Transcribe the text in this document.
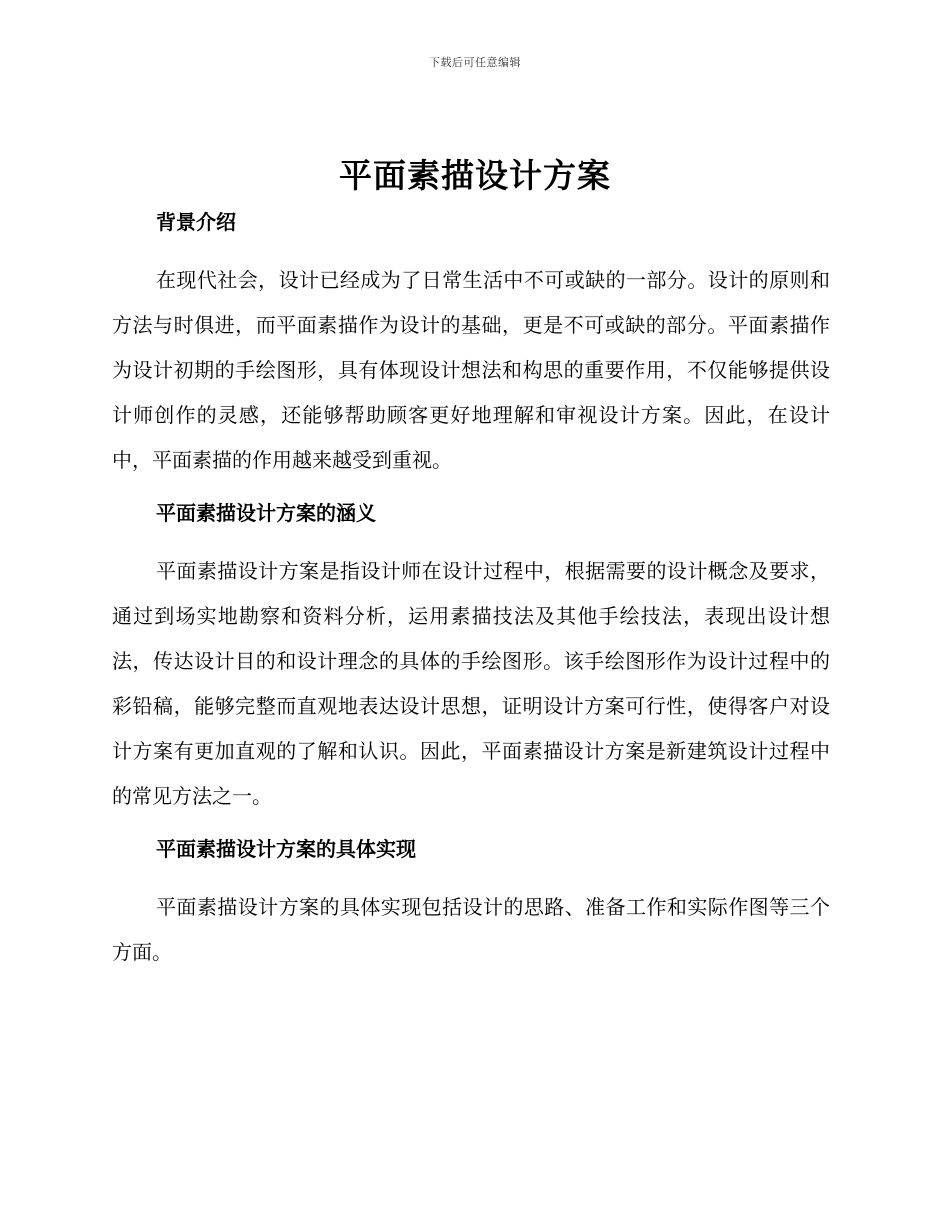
下载后可任意编辑
平面素描设计方案
背景介绍

在现代社会，设计已经成为了日常生活中不可或缺的一部分。设计的原则和方法与时俱进，而平面素描作为设计的基础，更是不可或缺的部分。平面素描作为设计初期的手绘图形，具有体现设计想法和构思的重要作用，不仅能够提供设计师创作的灵感，还能够帮助顾客更好地理解和审视设计方案。因此，在设计中，平面素描的作用越来越受到重视。

平面素描设计方案的涵义

平面素描设计方案是指设计师在设计过程中，根据需要的设计概念及要求，通过到场实地勘察和资料分析，运用素描技法及其他手绘技法，表现出设计想法，传达设计目的和设计理念的具体的手绘图形。该手绘图形作为设计过程中的彩铅稿，能够完整而直观地表达设计思想，证明设计方案可行性，使得客户对设计方案有更加直观的了解和认识。因此，平面素描设计方案是新建筑设计过程中的常见方法之一。

平面素描设计方案的具体实现

平面素描设计方案的具体实现包括设计的思路、准备工作和实际作图等三个方面。
